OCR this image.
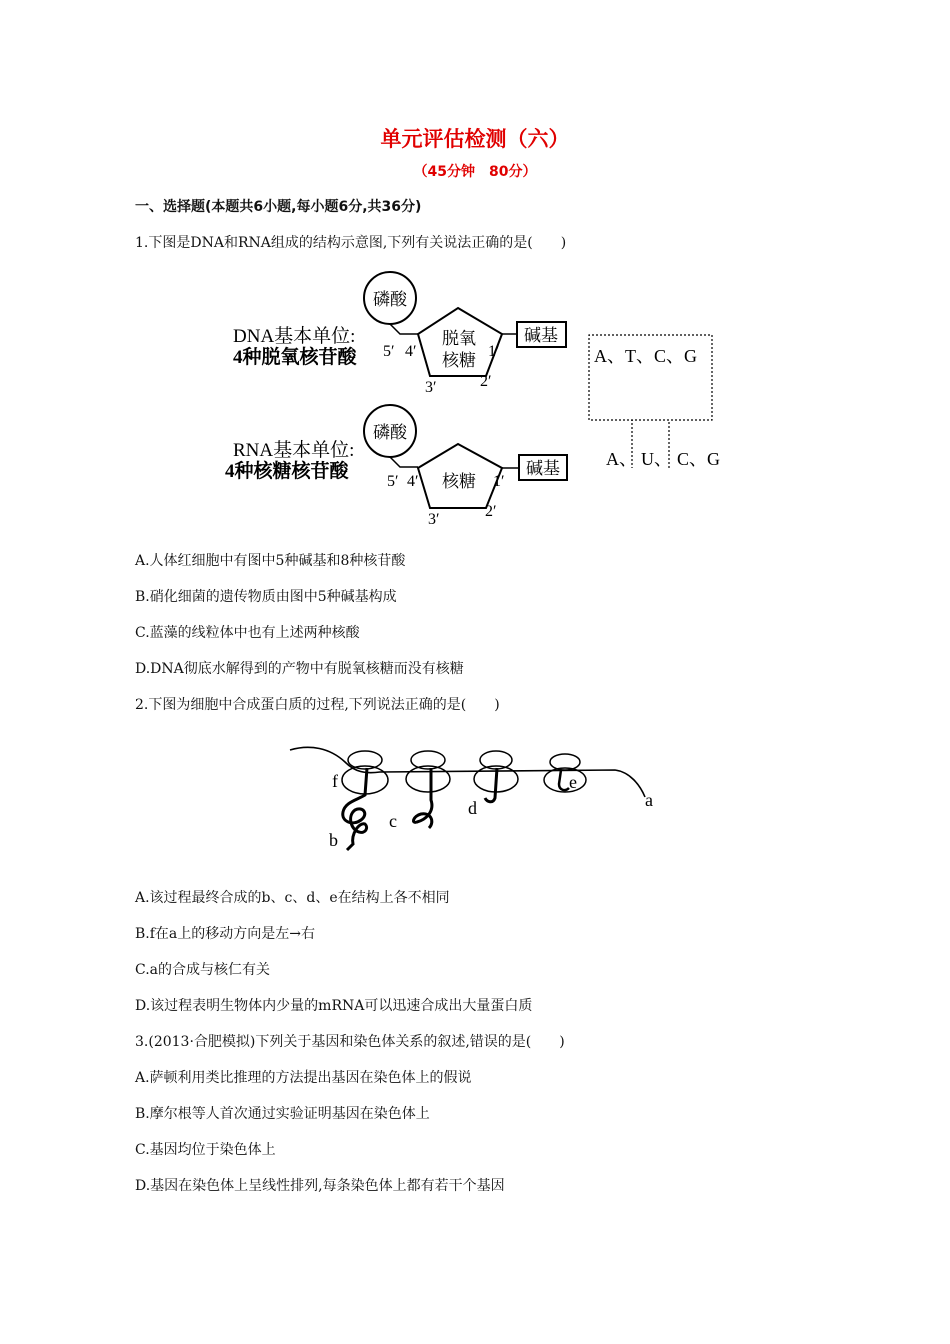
单元评估检测（六）
（45分钟　80分）
一、选择题(本题共6小题,每小题6分,共36分)
1.下图是DNA和RNA组成的结构示意图,下列有关说法正确的是(　　)
DNA基本单位:
4种脱氧核苷酸
磷酸
脱氧
核糖
5′ 4′
3′	2′
1′
碱基
RNA基本单位:
4种核糖核苷酸
磷酸
核糖
5′ 4′
3′	2′
1′
碱基
A、T、C、G
A、 U、 C、G
A.人体红细胞中有图中5种碱基和8种核苷酸
B.硝化细菌的遗传物质由图中5种碱基构成
C.蓝藻的线粒体中也有上述两种核酸
D.DNA彻底水解得到的产物中有脱氧核糖而没有核糖
2.下图为细胞中合成蛋白质的过程,下列说法正确的是(　　)
f
b
c
d
e
a
A.该过程最终合成的b、c、d、e在结构上各不相同
B.f在a上的移动方向是左→右
C.a的合成与核仁有关
D.该过程表明生物体内少量的mRNA可以迅速合成出大量蛋白质
3.(2013·合肥模拟)下列关于基因和染色体关系的叙述,错误的是(　　)
A.萨顿利用类比推理的方法提出基因在染色体上的假说
B.摩尔根等人首次通过实验证明基因在染色体上
C.基因均位于染色体上
D.基因在染色体上呈线性排列,每条染色体上都有若干个基因
